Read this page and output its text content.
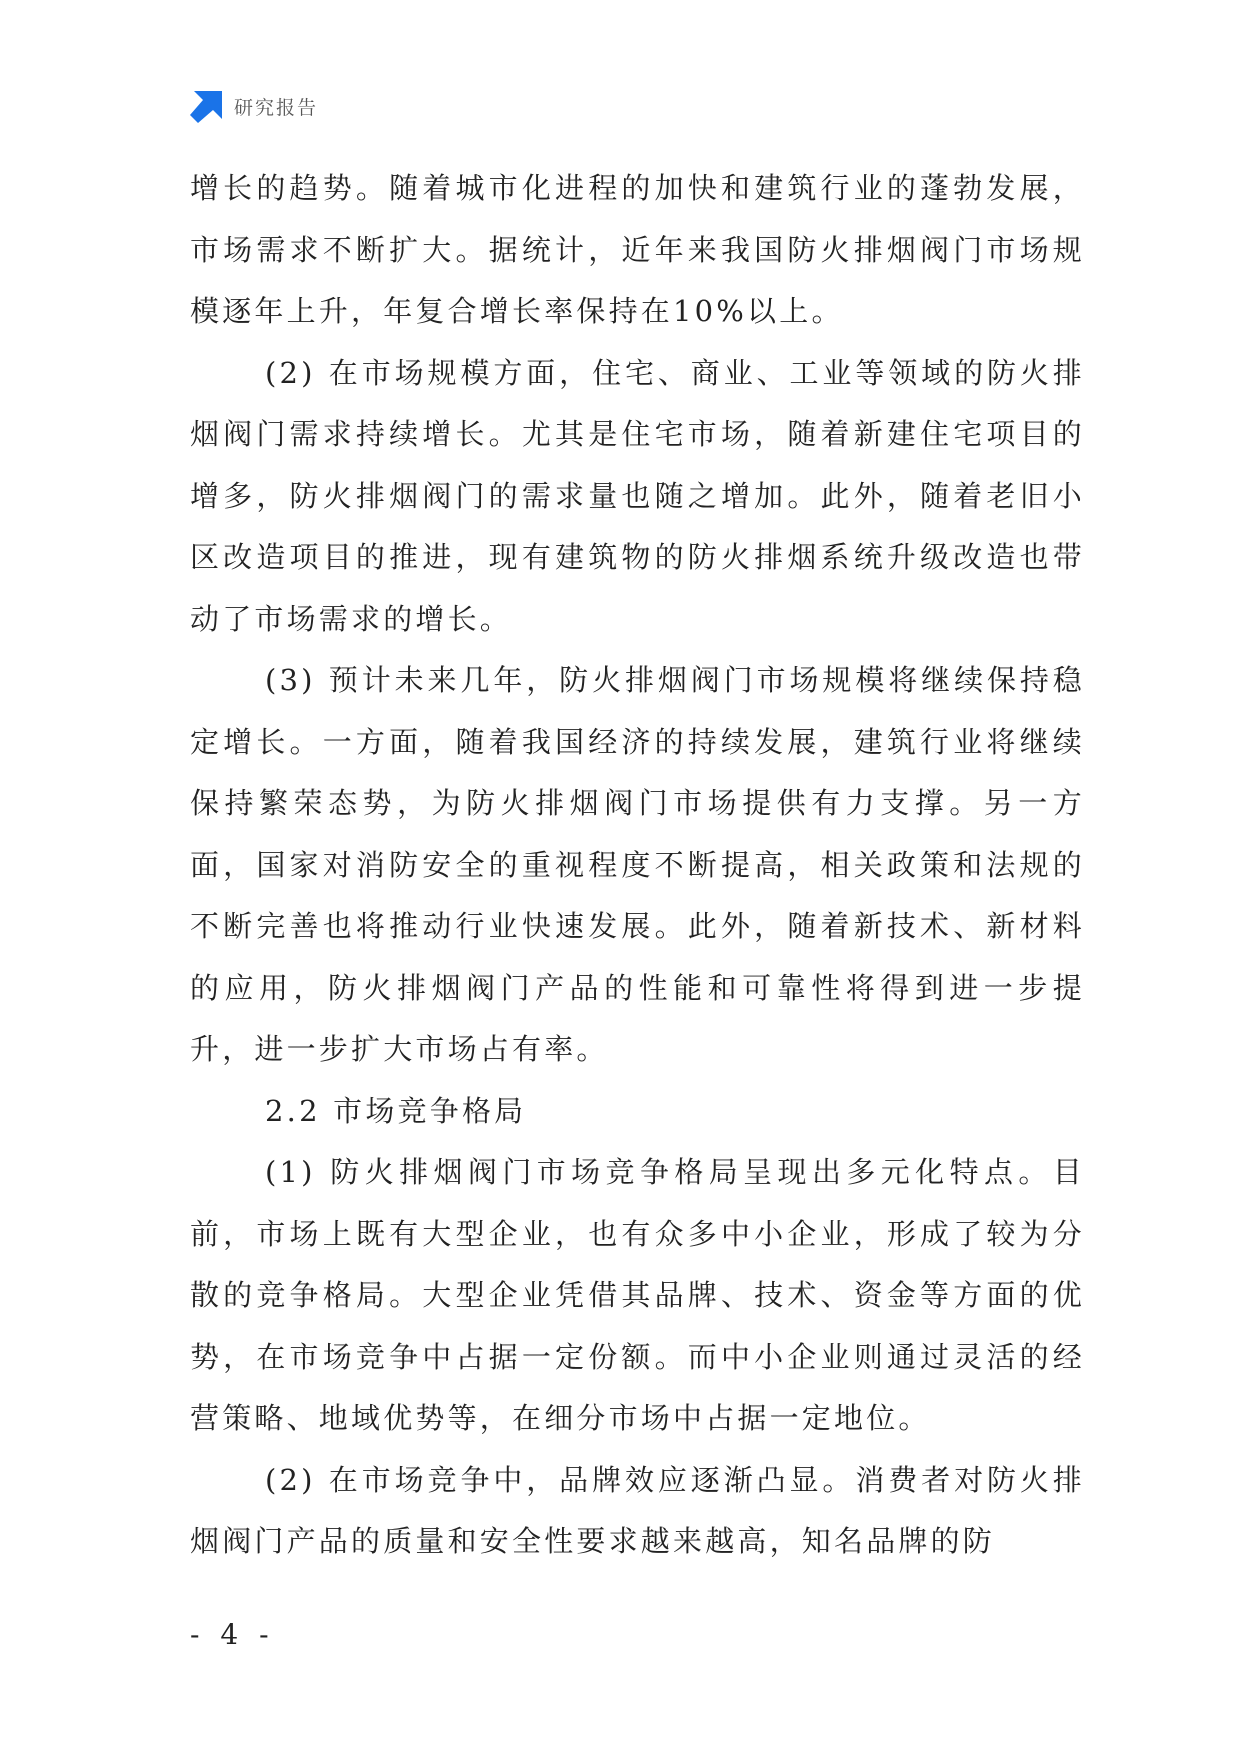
研究报告

增长的趋势。随着城市化进程的加快和建筑行业的蓬勃发展，市场需求不断扩大。据统计，近年来我国防火排烟阀门市场规模逐年上升，年复合增长率保持在10%以上。

(2) 在市场规模方面，住宅、商业、工业等领域的防火排烟阀门需求持续增长。尤其是住宅市场，随着新建住宅项目的增多，防火排烟阀门的需求量也随之增加。此外，随着老旧小区改造项目的推进，现有建筑物的防火排烟系统升级改造也带动了市场需求的增长。

(3) 预计未来几年，防火排烟阀门市场规模将继续保持稳定增长。一方面，随着我国经济的持续发展，建筑行业将继续保持繁荣态势，为防火排烟阀门市场提供有力支撑。另一方面，国家对消防安全的重视程度不断提高，相关政策和法规的不断完善也将推动行业快速发展。此外，随着新技术、新材料的应用，防火排烟阀门产品的性能和可靠性将得到进一步提升，进一步扩大市场占有率。

2.2 市场竞争格局

(1) 防火排烟阀门市场竞争格局呈现出多元化特点。目前，市场上既有大型企业，也有众多中小企业，形成了较为分散的竞争格局。大型企业凭借其品牌、技术、资金等方面的优势，在市场竞争中占据一定份额。而中小企业则通过灵活的经营策略、地域优势等，在细分市场中占据一定地位。

(2) 在市场竞争中，品牌效应逐渐凸显。消费者对防火排烟阀门产品的质量和安全性要求越来越高，知名品牌的防

- 4 -
